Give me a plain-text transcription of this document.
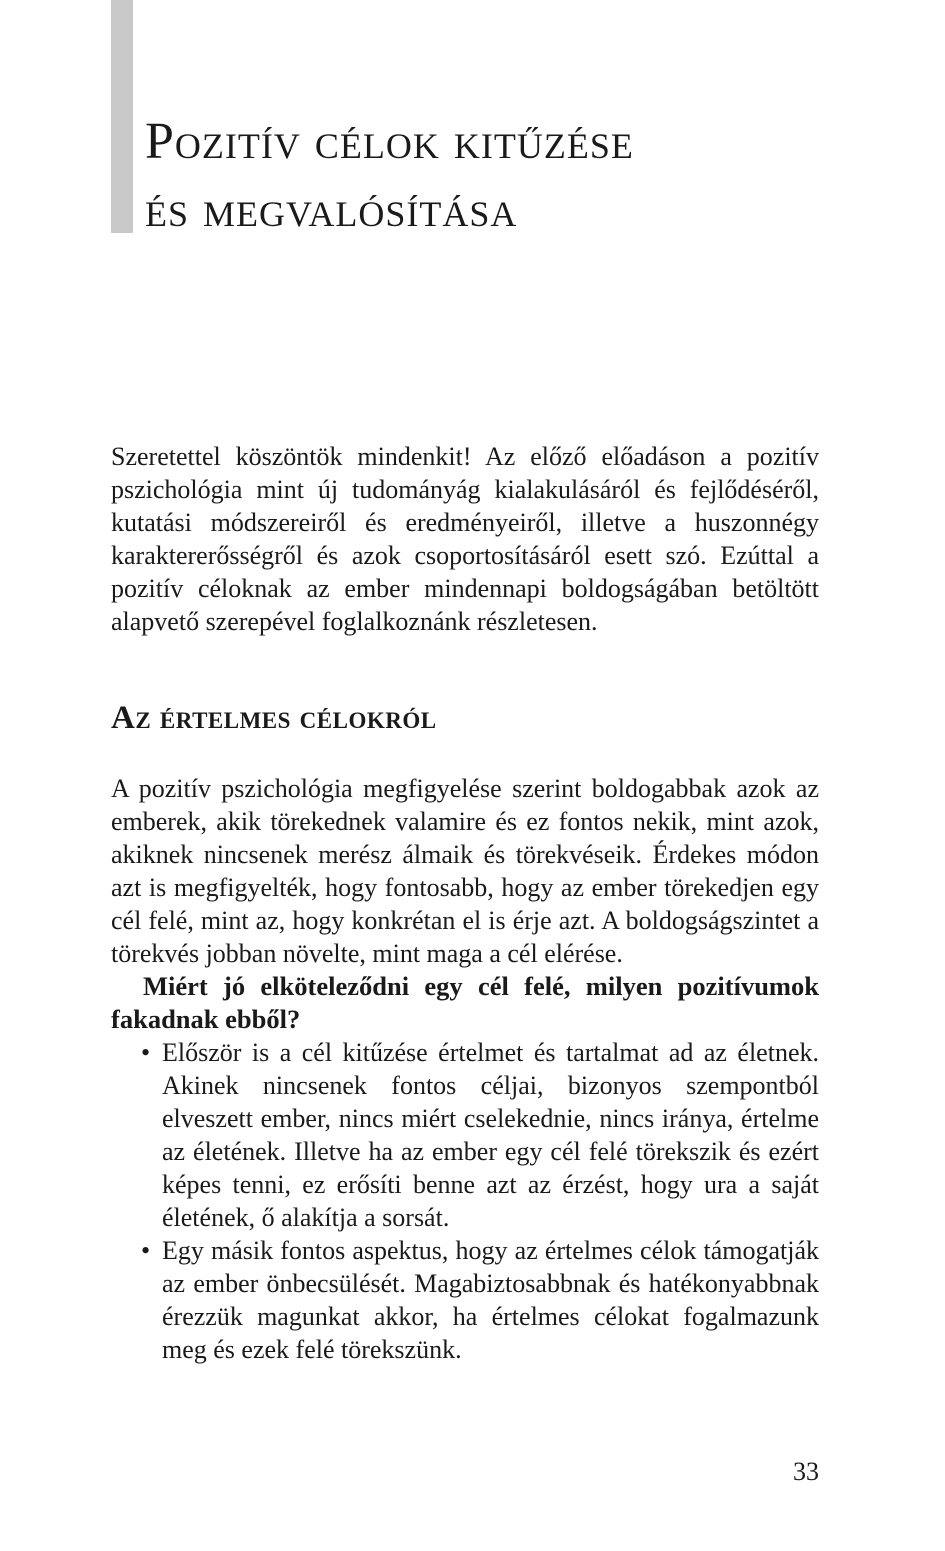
Pozitív célok kitűzése
és megvalósítása

Szeretettel köszöntök mindenkit! Az előző előadáson a pozitív pszichológia mint új tudományág kialakulásáról és fejlődéséről, kutatási módszereiről és eredményeiről, illetve a huszonnégy karaktererősségről és azok csoportosításáról esett szó. Ezúttal a pozitív céloknak az ember mindennapi boldogságában betöltött alapvető szerepével foglalkoznánk részletesen.

Az értelmes célokról

A pozitív pszichológia megfigyelése szerint boldogabbak azok az emberek, akik törekednek valamire és ez fontos nekik, mint azok, akiknek nincsenek merész álmaik és törekvéseik. Érdekes módon azt is megfigyelték, hogy fontosabb, hogy az ember törekedjen egy cél felé, mint az, hogy konkrétan el is érje azt. A boldogságszintet a törekvés jobban növelte, mint maga a cél elérése.

Miért jó elköteleződni egy cél felé, milyen pozitívumok fakadnak ebből?

• Először is a cél kitűzése értelmet és tartalmat ad az életnek. Akinek nincsenek fontos céljai, bizonyos szempontból elveszett ember, nincs miért cselekednie, nincs iránya, értelme az életének. Illetve ha az ember egy cél felé törekszik és ezért képes tenni, ez erősíti benne azt az érzést, hogy ura a saját életének, ő alakítja a sorsát.
• Egy másik fontos aspektus, hogy az értelmes célok támogatják az ember önbecsülését. Magabiztosabbnak és hatékonyabbnak érezzük magunkat akkor, ha értelmes célokat fogalmazunk meg és ezek felé törekszünk.
33
